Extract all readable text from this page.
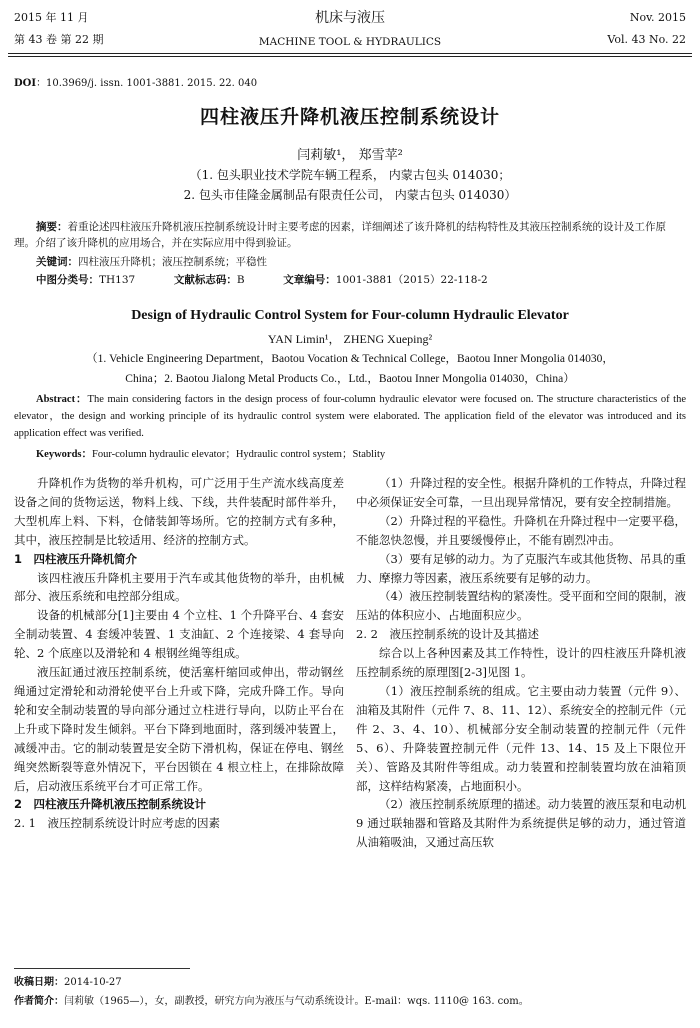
2015 年 11 月
第 43 卷 第 22 期
机床与液压
MACHINE TOOL & HYDRAULICS
Nov. 2015
Vol. 43 No. 22
DOI：10.3969/j. issn. 1001-3881. 2015. 22. 040
四柱液压升降机液压控制系统设计
闫莉敏¹， 郑雪苹²
（1. 包头职业技术学院车辆工程系， 内蒙古包头 014030；
2. 包头市佳隆金属制品有限责任公司， 内蒙古包头 014030）
摘要：着重论述四柱液压升降机液压控制系统设计时主要考虑的因素，详细阐述了该升降机的结构特性及其液压控制系统的设计及工作原理。介绍了该升降机的应用场合，并在实际应用中得到验证。
关键词：四柱液压升降机；液压控制系统；平稳性
中图分类号：TH137	文献标志码：B	文章编号：1001-3881（2015）22-118-2
Design of Hydraulic Control System for Four-column Hydraulic Elevator
YAN Limin¹， ZHENG Xueping²
（1. Vehicle Engineering Department，Baotou Vocation & Technical College，Baotou Inner Mongolia 014030，
China；2. Baotou Jialong Metal Products Co.，Ltd.，Baotou Inner Mongolia 014030，China）
Abstract：The main considering factors in the design process of four-column hydraulic elevator were focused on. The structure characteristics of the elevator，the design and working principle of its hydraulic control system were elaborated. The application field of the elevator was introduced and its application effect was verified.
Keywords：Four-column hydraulic elevator；Hydraulic control system；Stablity

升降机作为货物的举升机构，可广泛用于生产流水线高度差设备之间的货物运送，物料上线、下线，共件装配时部件举升，大型机库上料、下料，仓储装卸等场所。它的控制方式有多种，其中，液压控制是比较适用、经济的控制方式。

1　四柱液压升降机简介

该四柱液压升降机主要用于汽车或其他货物的举升，由机械部分、液压系统和电控部分组成。

设备的机械部分[1]主要由 4 个立柱、1 个升降平台、4 套安全制动装置、4 套缓冲装置、1 支油缸、2 个连接梁、4 套导向轮、2 个底座以及滑轮和 4 根钢丝绳等组成。

液压缸通过液压控制系统，使活塞杆缩回或伸出，带动钢丝绳通过定滑轮和动滑轮使平台上升或下降，完成升降工作。导向轮和安全制动装置的导向部分通过立柱进行导向，以防止平台在上升或下降时发生倾斜。平台下降到地面时，落到缓冲装置上，减缓冲击。它的制动装置是安全防下滑机构，保证在停电、钢丝绳突然断裂等意外情况下，平台因锁在 4 根立柱上，在排除故障后，启动液压系统平台才可正常工作。

2　四柱液压升降机液压控制系统设计
2. 1　液压控制系统设计时应考虑的因素

（1）升降过程的安全性。根据升降机的工作特点，升降过程中必须保证安全可靠，一旦出现异常情况，要有安全控制措施。

（2）升降过程的平稳性。升降机在升降过程中一定要平稳，不能忽快忽慢，并且要缓慢停止，不能有剧烈冲击。

（3）要有足够的动力。为了克服汽车或其他货物、吊具的重力、摩擦力等因素，液压系统要有足够的动力。

（4）液压控制装置结构的紧凑性。受平面和空间的限制，液压站的体积应小、占地面积应少。

2. 2　液压控制系统的设计及其描述

综合以上各种因素及其工作特性，设计的四柱液压升降机液压控制系统的原理图[2-3]见图 1。

（1）液压控制系统的组成。它主要由动力装置（元件 9）、油箱及其附件（元件 7、8、11、12）、系统安全的控制元件（元件 2、3、4、10）、机械部分安全制动装置的控制元件（元件 5、6）、升降装置控制元件（元件 13、14、15 及上下限位开关）、管路及其附件等组成。动力装置和控制装置均放在油箱顶部，这样结构紧凑，占地面积小。

（2）液压控制系统原理的描述。动力装置的液压泵和电动机 9 通过联轴器和管路及其附件为系统提供足够的动力，通过管道从油箱吸油，又通过高压软

收稿日期：2014-10-27
作者简介：闫莉敏（1965—），女，副教授，研究方向为液压与气动系统设计。E-mail：wqs. 1110@ 163. com。
